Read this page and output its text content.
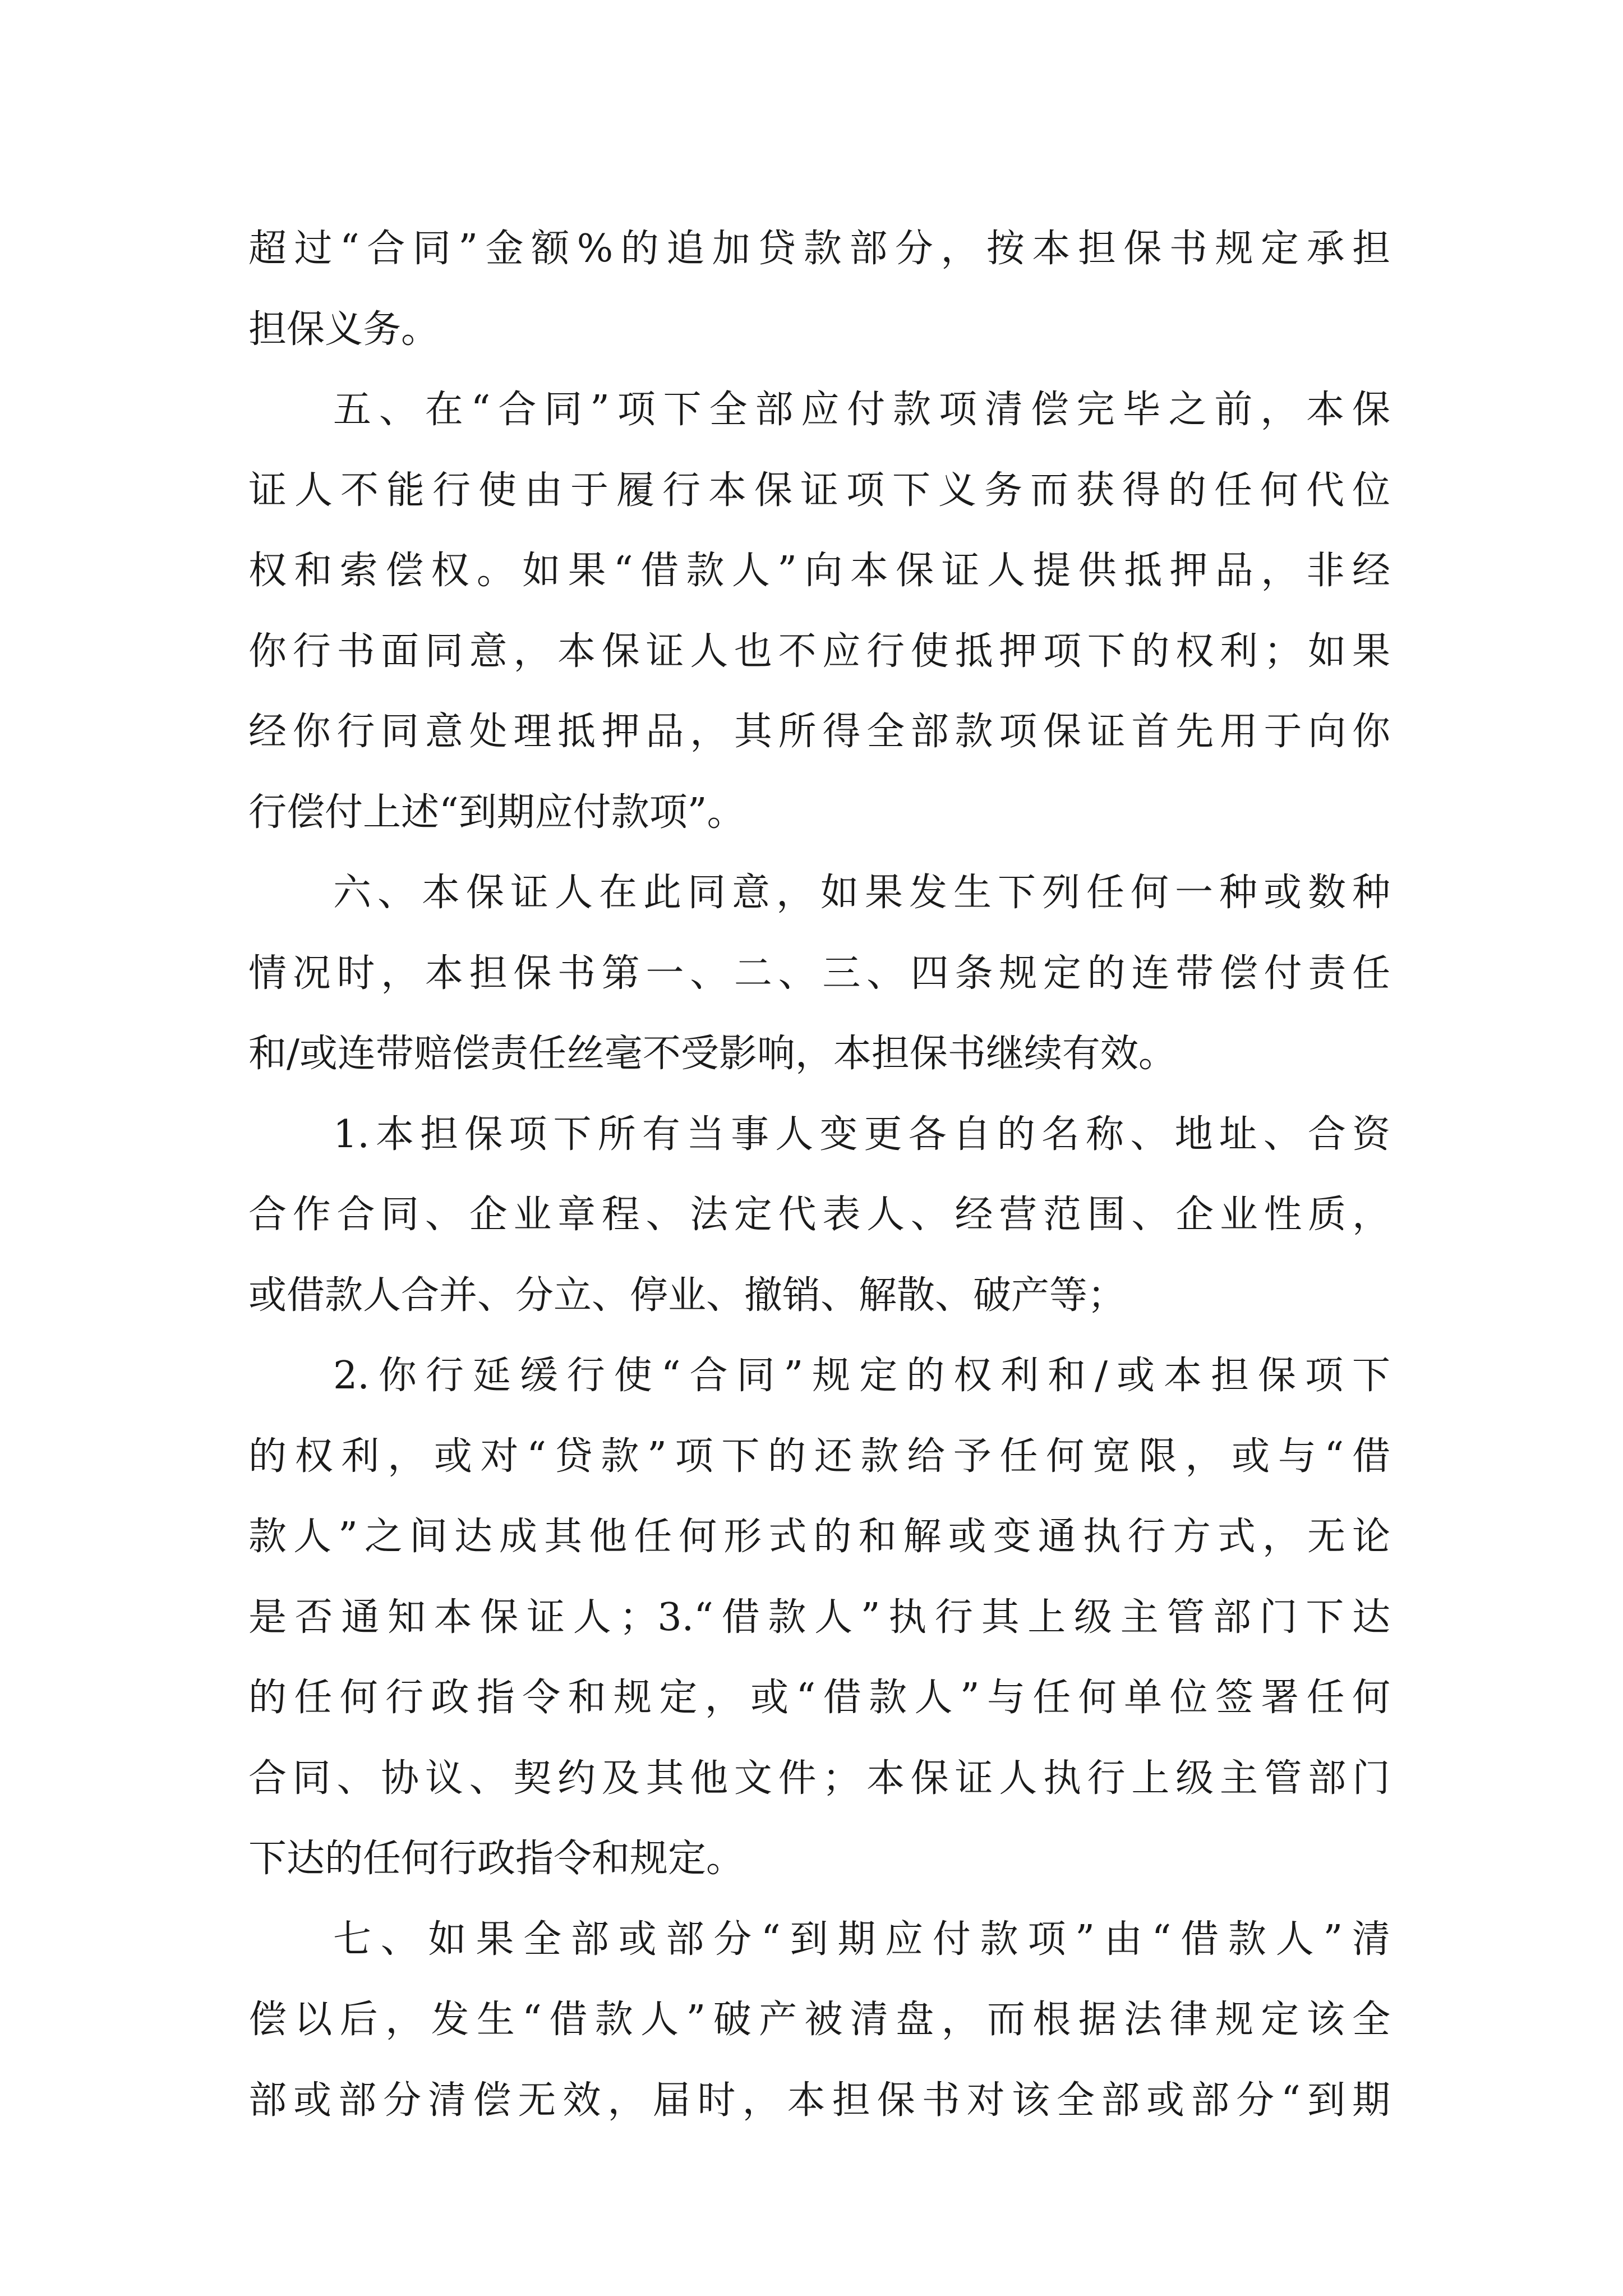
超过“合同”金额%的追加贷款部分，按本担保书规定承担
担保义务。
五、在“合同”项下全部应付款项清偿完毕之前，本保
证人不能行使由于履行本保证项下义务而获得的任何代位
权和索偿权。如果“借款人”向本保证人提供抵押品，非经
你行书面同意，本保证人也不应行使抵押项下的权利；如果
经你行同意处理抵押品，其所得全部款项保证首先用于向你
行偿付上述“到期应付款项”。
六、本保证人在此同意，如果发生下列任何一种或数种
情况时，本担保书第一、二、三、四条规定的连带偿付责任
和/或连带赔偿责任丝毫不受影响，本担保书继续有效。
1.本担保项下所有当事人变更各自的名称、地址、合资
合作合同、企业章程、法定代表人、经营范围、企业性质，
或借款人合并、分立、停业、撤销、解散、破产等；
2.你行延缓行使“合同”规定的权利和/或本担保项下
的权利，或对“贷款”项下的还款给予任何宽限，或与“借
款人”之间达成其他任何形式的和解或变通执行方式，无论
是否通知本保证人；3.“借款人”执行其上级主管部门下达
的任何行政指令和规定，或“借款人”与任何单位签署任何
合同、协议、契约及其他文件；本保证人执行上级主管部门
下达的任何行政指令和规定。
七、如果全部或部分“到期应付款项”由“借款人”清
偿以后，发生“借款人”破产被清盘，而根据法律规定该全
部或部分清偿无效，届时，本担保书对该全部或部分“到期
